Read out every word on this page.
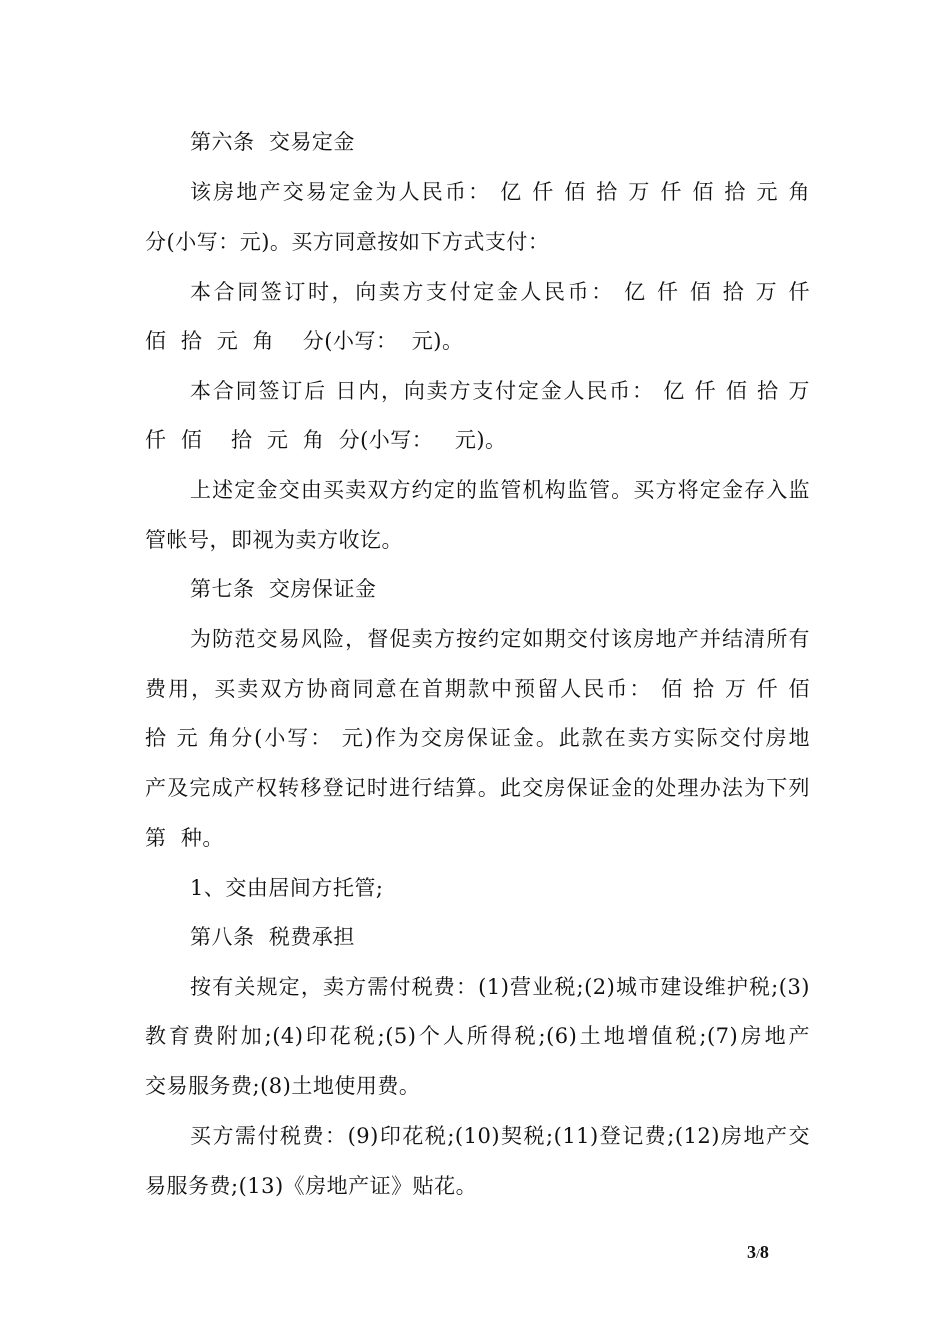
第六条  交易定金
该房地产交易定金为人民币： 亿 仟 佰 拾 万 仟 佰 拾 元 角
分(小写：元)。买方同意按如下方式支付：
本合同签订时，向卖方支付定金人民币： 亿 仟 佰 拾 万 仟
佰  拾  元  角    分(小写：  元)。
本合同签订后 日内，向卖方支付定金人民币： 亿 仟 佰 拾 万
仟  佰    拾  元  角  分(小写：   元)。
上述定金交由买卖双方约定的监管机构监管。买方将定金存入监
管帐号，即视为卖方收讫。
第七条  交房保证金
为防范交易风险，督促卖方按约定如期交付该房地产并结清所有
费用，买卖双方协商同意在首期款中预留人民币： 佰 拾 万 仟 佰
拾 元 角分(小写： 元)作为交房保证金。此款在卖方实际交付房地
产及完成产权转移登记时进行结算。此交房保证金的处理办法为下列
第  种。
1、交由居间方托管;
第八条  税费承担
按有关规定，卖方需付税费：(1)营业税;(2)城市建设维护税;(3)
教育费附加;(4)印花税;(5)个人所得税;(6)土地增值税;(7)房地产
交易服务费;(8)土地使用费。
买方需付税费：(9)印花税;(10)契税;(11)登记费;(12)房地产交
易服务费;(13)《房地产证》贴花。
3/8
